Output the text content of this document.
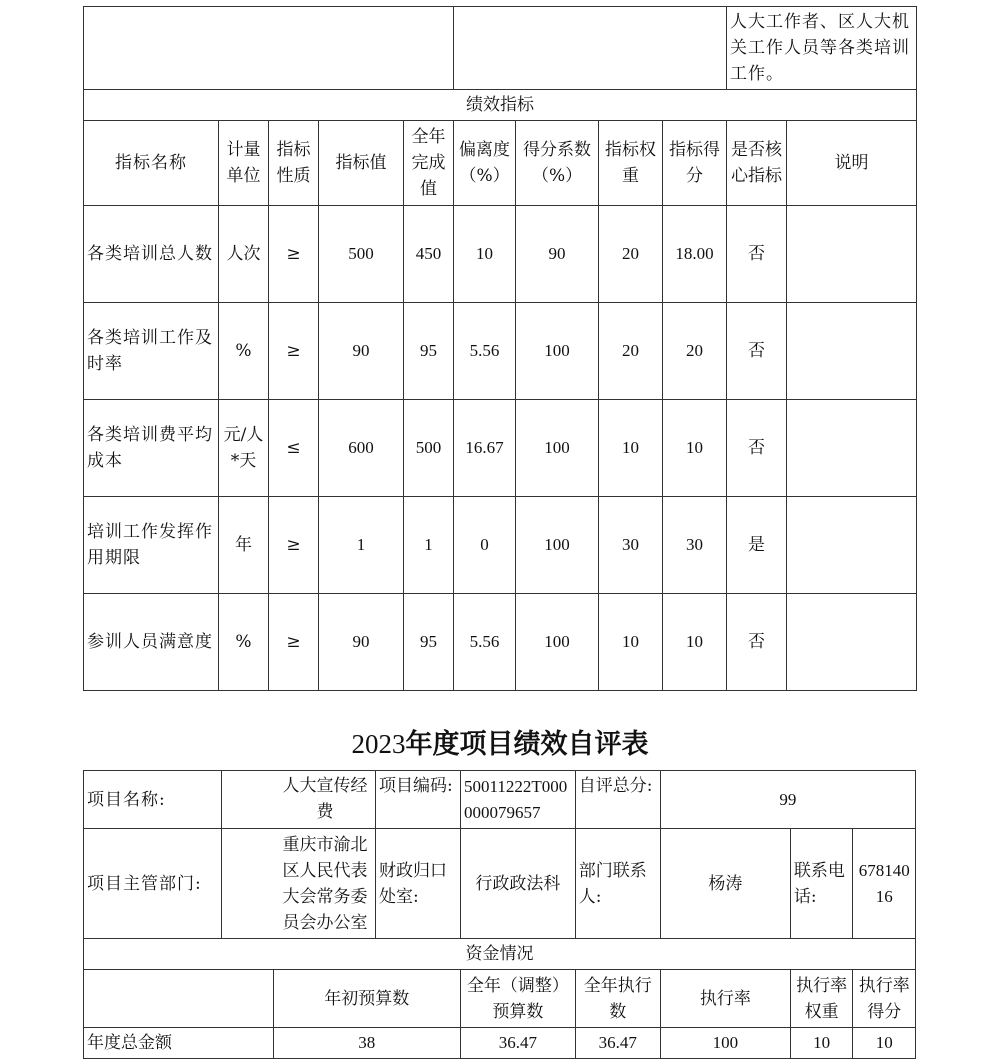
									人大工作者、区人大机关工作人员等各类培训工作。	
绩效指标										
指标名称	计量单位	指标性质	指标值	全年完成值	偏离度（%）	得分系数（%）	指标权重	指标得分	是否核心指标	说明
各类培训总人数	人次	≥	500	450	10	90	20	18.00	否	
各类培训工作及时率	%	≥	90	95	5.56	100	20	20	否	
各类培训费平均成本	元/人*天	≤	600	500	16.67	100	10	10	否	
培训工作发挥作用期限	年	≥	1	1	0	100	30	30	是	
参训人员满意度	%	≥	90	95	5.56	100	10	10	否	
2023年度项目绩效自评表
项目名称:	人大宣传经费		项目编码:	50011222T000000079657	自评总分:	99		
项目主管部门:	重庆市渝北区人民代表大会常务委员会办公室		财政归口处室:	行政政法科	部门联系人:	杨涛	联系电话:	67814016
资金情况								
		年初预算数		全年（调整）预算数	全年执行数	执行率	执行率权重	执行率得分
年度总金额		38		36.47	36.47	100	10	10
